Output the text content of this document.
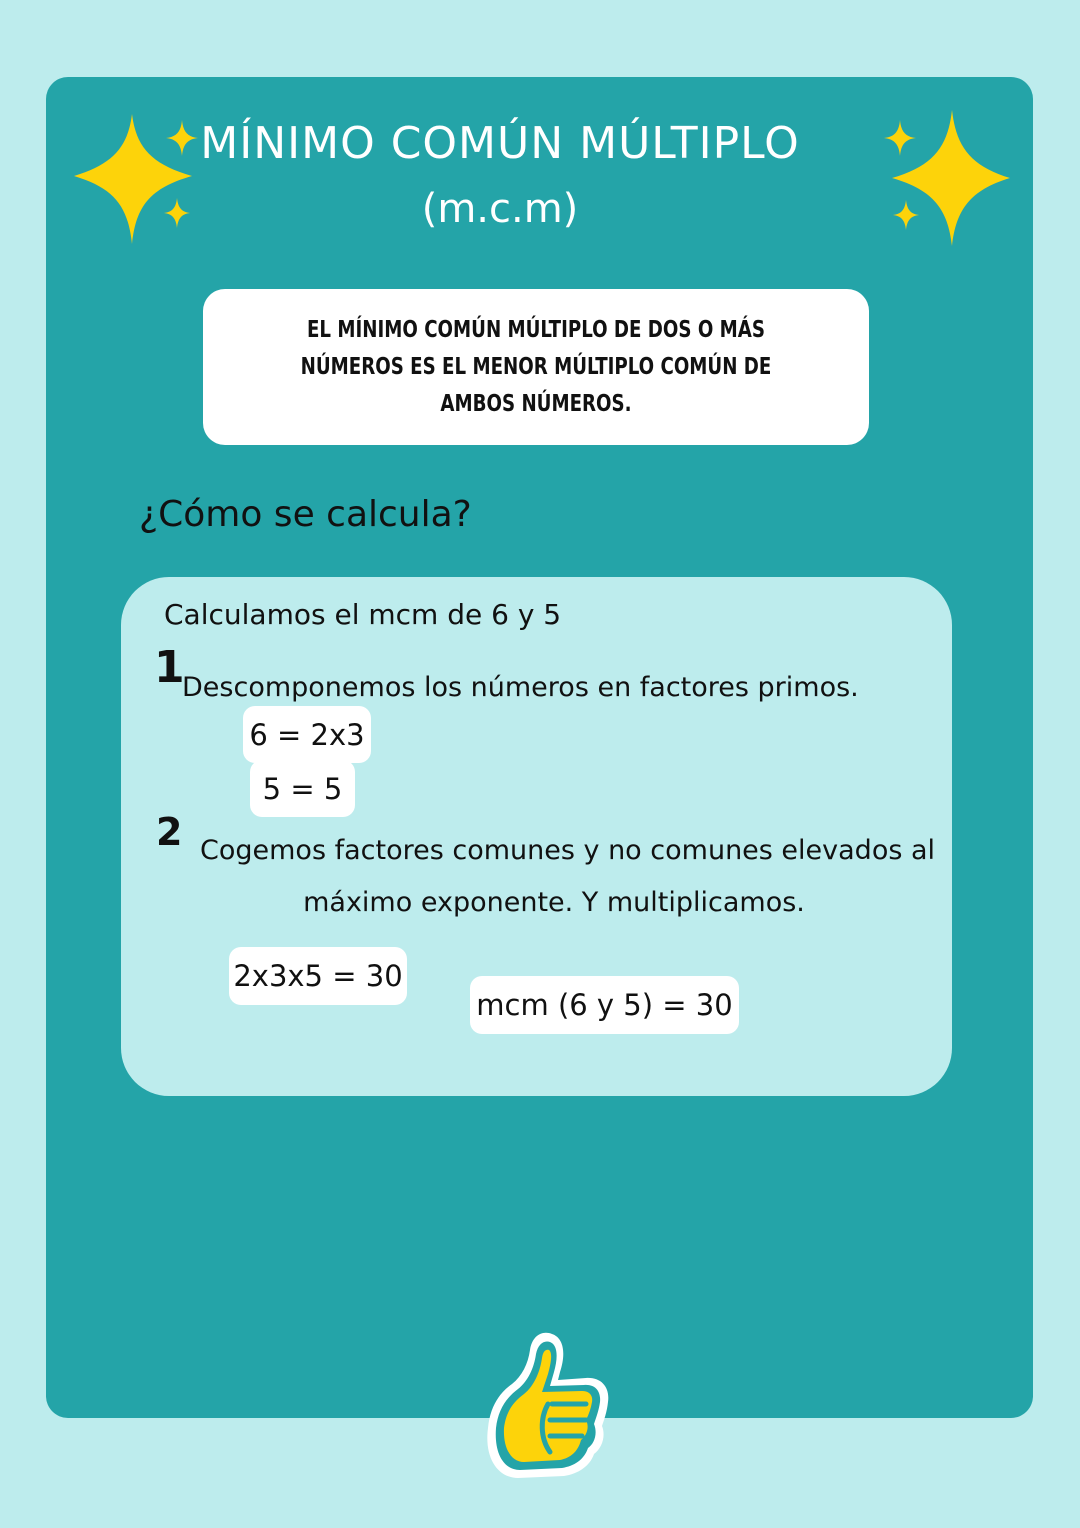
MÍNIMO COMÚN MÚLTIPLO
(m.c.m)
EL MÍNIMO COMÚN MÚLTIPLO DE DOS O MÁS NÚMEROS ES EL MENOR MÚLTIPLO COMÚN DE AMBOS NÚMEROS.
¿Cómo se calcula?
Calculamos el mcm de 6 y 5
1
Descomponemos los números en factores primos.
6 = 2x3
5 = 5
2 Cogemos factores comunes y no comunes elevados al
máximo exponente. Y multiplicamos.
2x3x5 = 30
mcm (6 y 5) = 30
